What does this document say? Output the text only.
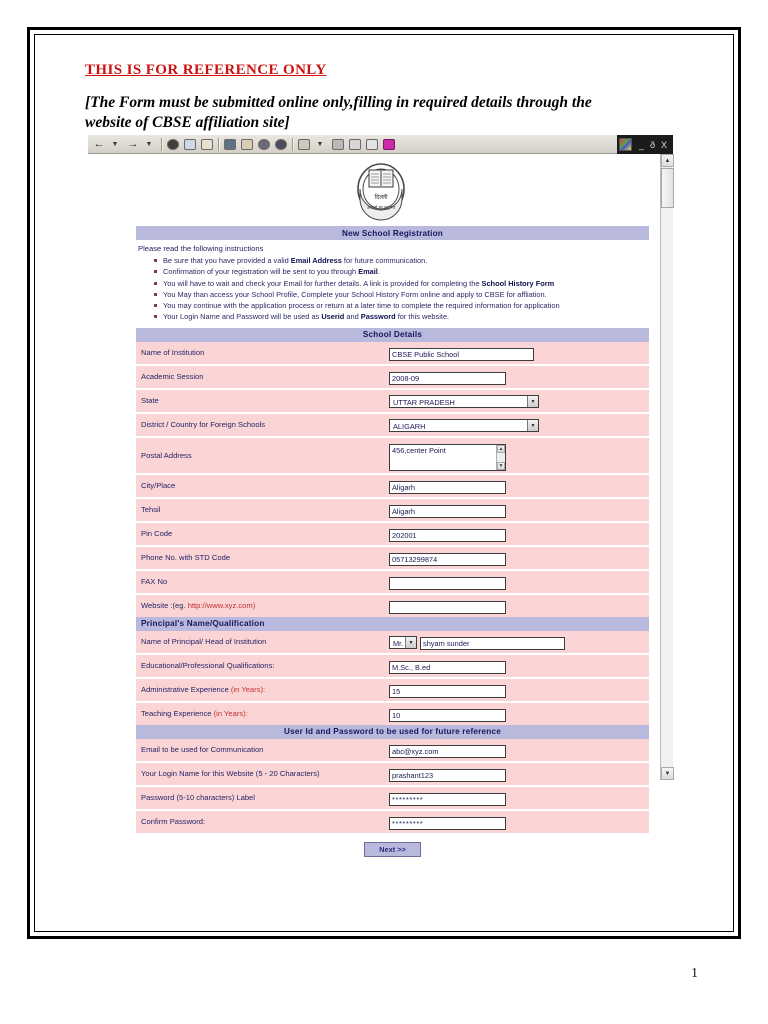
THIS IS FOR REFERENCE ONLY
[The Form must be submitted online only,filling in required details through the website of CBSE affiliation site]
← ▼ → ▼	▼	_ ð X
▲
▼
दिल्ली
असतो मा सद्गमय
New School Registration
Please read the following instructions
Be sure that you have provided a valid Email Address for future communication.
Confirmation of your registration will be sent to you through Email.
You will have to wait and check your Email for further details. A link is provided for completing the School History Form
You May than access your School Profile, Complete your School History Form online and apply to CBSE for affliation.
You may continue with the application process or return at a later time to complete the required information for application
Your Login Name and Password will be used as Userid and Password for this website.
School Details
Name of Institution	CBSE Public School

Academic Session	2008-09

State	UTTAR PRADESH ▼

District / Country for Foreign Schools	ALIGARH ▼

Postal Address	456,center Point ▲
▼

City/Place	Aligarh

Tehsil	Aligarh

Pin Code	202001

Phone No. with STD Code	05713299874

FAX No	

Website :(eg. http://www.xyz.com)	
Principal's Name/Qualification
Name of Principal/ Head of Institution	Mr. ▼
shyam sunder

Educational/Professional Qualifications:	M.Sc., B.ed

Administrative Experience (in Years):	15

Teaching Experience (in Years):	10
User Id and Password to be used for future reference
Email to be used for Communication	abc@xyz.com

Your Login Name for this Website (5 - 20 Characters)	prashant123

Password (5-10 characters) Label	*********

Confirm Password:	*********
Next >>
1
